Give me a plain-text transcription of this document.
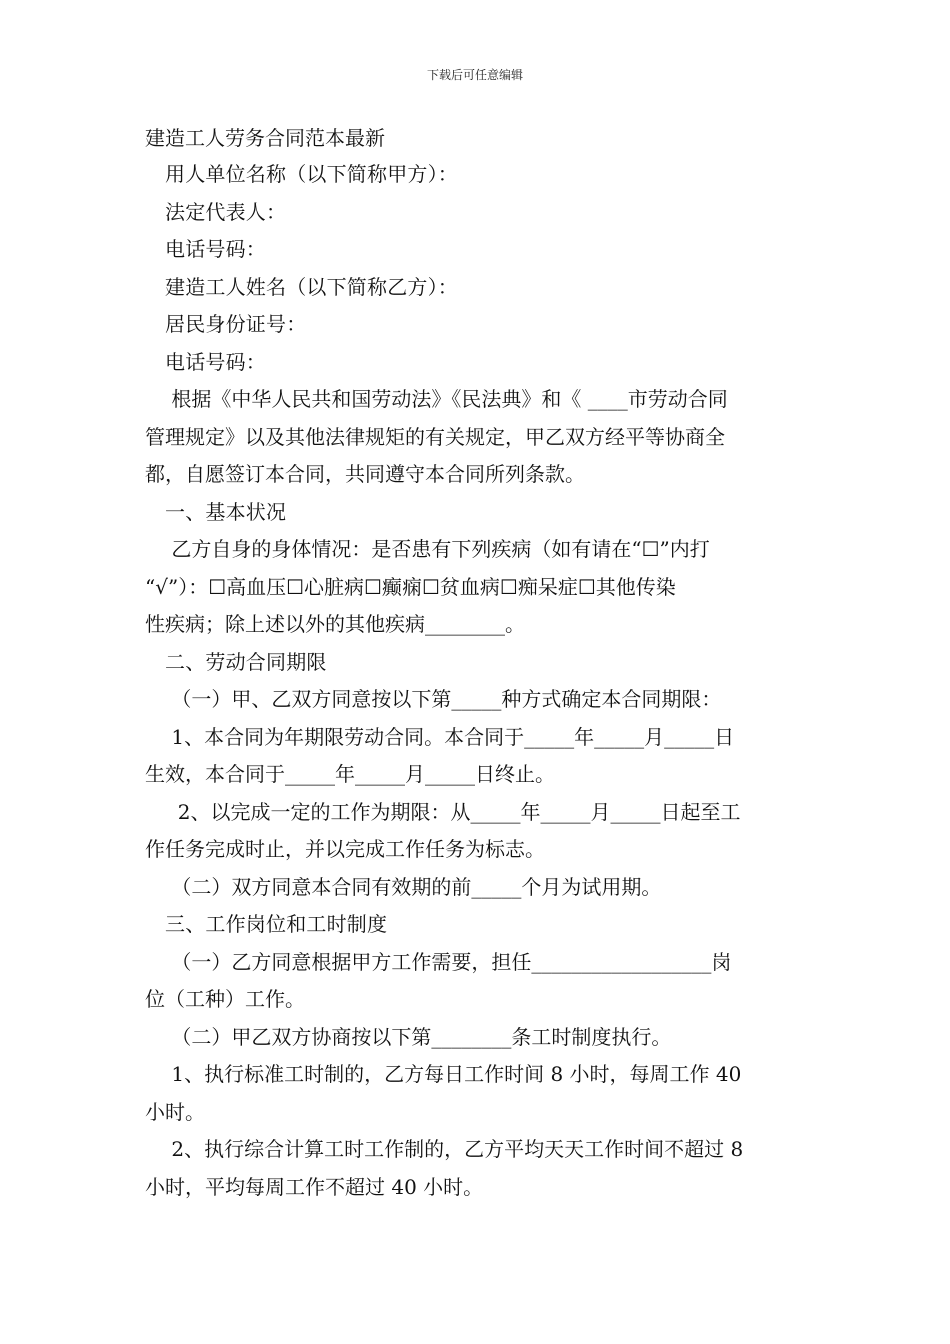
下载后可任意编辑

建造工人劳务合同范本最新

用人单位名称（以下简称甲方）：

法定代表人：

电话号码：

建造工人姓名（以下简称乙方）：

居民身份证号：

电话号码：

根据《中华人民共和国劳动法》《民法典》和《 ____市劳动合同

管理规定》以及其他法律规矩的有关规定，甲乙双方经平等协商全

都，自愿签订本合同，共同遵守本合同所列条款。

一、基本状况

乙方自身的身体情况：是否患有下列疾病（如有请在“☐”内打

“√”）：☐高血压☐心脏病☐癫痫☐贫血病☐痴呆症☐其他传染

性疾病；除上述以外的其他疾病________。

二、劳动合同期限

（一）甲、乙双方同意按以下第_____种方式确定本合同期限：

1、本合同为年期限劳动合同。本合同于_____年_____月_____日

生效，本合同于_____年_____月_____日终止。

2、以完成一定的工作为期限：从_____年_____月_____日起至工

作任务完成时止，并以完成工作任务为标志。

（二）双方同意本合同有效期的前_____个月为试用期。

三、工作岗位和工时制度

（一）乙方同意根据甲方工作需要，担任__________________岗

位（工种）工作。

（二）甲乙双方协商按以下第________条工时制度执行。

1、执行标准工时制的，乙方每日工作时间 8 小时，每周工作 40

小时。

2、执行综合计算工时工作制的，乙方平均天天工作时间不超过 8

小时，平均每周工作不超过 40 小时。
